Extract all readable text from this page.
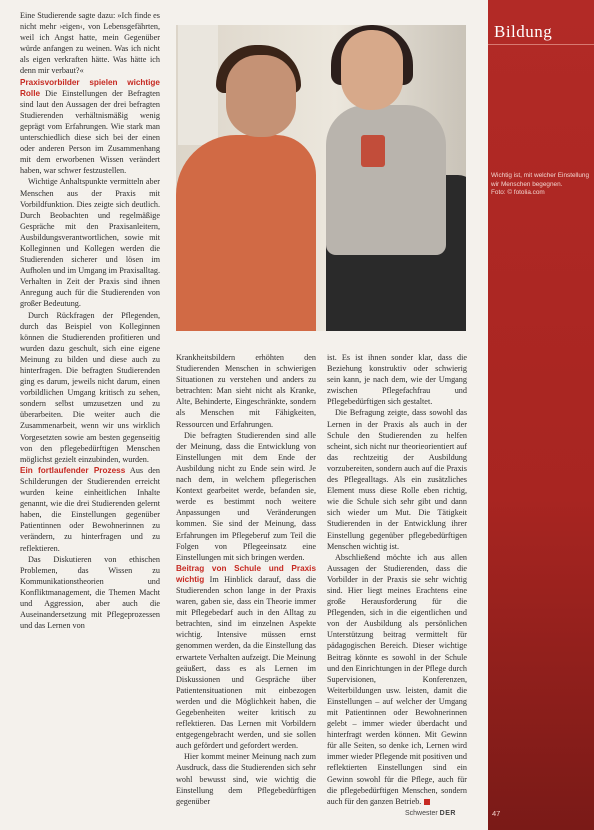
Eine Studierende sagte dazu: »Ich finde es nicht mehr ›eigen‹, von Lebensgefährten, weil ich Angst hatte, mein Gegenüber würde anfangen zu weinen. Was ich nicht als eigen verkraften hätte. Was hätte ich denn mir verbaut?«

Praxisvorbilder spielen wichtige Rolle Die Einstellungen der Befragten sind laut den Aussagen der drei befragten Studierenden verhältnismäßig wenig geprägt vom Erfahrungen. Wie stark man unterschiedlich diese sich bei der einen oder anderen Person im Zusammenhang mit dem erworbenen Wissen verändert haben, war schwer festzustellen.

Wichtige Anhaltspunkte vermitteln aber Menschen aus der Praxis mit Vorbildfunktion. Dies zeigte sich deutlich. Durch Beobachten und regelmäßige Gespräche mit den Praxisanleitern, Ausbildungsverantwortlichen, sowie mit Kolleginnen und Kollegen werden die Studierenden sicherer und lösen im Aufholen und im Umgang im Praxisalltag. Verhalten in Zeit der Praxis sind ihnen Anregung auch für die Studierenden von großer Bedeutung.

Durch Rückfragen der Pflegenden, durch das Beispiel von Kolleginnen können die Studierenden profitieren und wurden dazu geschult, sich eine eigene Meinung zu bilden und diese auch zu hinterfragen. Die befragten Studierenden ging es darum, jeweils nicht darum, einen vorbildlichen Umgang kritisch zu sehen, sondern selbst umzusetzen und zu überarbeiten. Die weiter auch die Zusammenarbeit, wenn wir uns wirklich Vorgesetzten sowie am besten gegenseitig von den pflegebedürftigen Menschen möglichst gezielt einzubinden, wurden.

Ein fortlaufender Prozess Aus den Schilderungen der Studierenden erreicht wurden keine einheitlichen Inhalte genannt, wie die drei Studierenden gelernt haben, die Einstellungen gegenüber Patientinnen oder Bewohnerinnen zu verändern, zu hinterfragen und zu reflektieren.

Das Diskutieren von ethischen Problemen, das Wissen zu Kommunikationstheorien und Konfliktmanagement, die Themen Macht und Aggression, aber auch die Auseinandersetzung mit Pflegeprozessen und das Lernen von

Krankheitsbildern erhöhten den Studierenden Menschen in schwierigen Situationen zu verstehen und anders zu betrachten: Man sieht nicht als Kranke, Alte, Behinderte, Eingeschränkte, sondern als Menschen mit Fähigkeiten, Ressourcen und Erfahrungen.

Die befragten Studierenden sind alle der Meinung, dass die Entwicklung von Einstellungen mit dem Ende der Ausbildung nicht zu Ende sein wird. Je nach dem, in welchem pflegerischen Kontext gearbeitet werde, befanden sie, werde es bestimmt noch weitere Anpassungen und Veränderungen kommen. Sie sind der Meinung, dass Erfahrungen im Pflegeberuf zum Teil die Folgen von Pflegeeinsatz eine Einstellungen mit sich bringen werden.

Beitrag von Schule und Praxis wichtig Im Hinblick darauf, dass die Studierenden schon lange in der Praxis waren, gaben sie, dass ein Theorie immer mit Pflegebedarf auch in den Alltag zu betrachten, sind im einzelnen Aspekte wichtig. Intensive müssen ernst genommen werden, da die Einstellung das erwartete Verhalten aufzeigt. Die Meinung geäußert, dass es als Lernen im Diskussionen und Gespräche über Patientensituationen mit einbezogen werden und die Möglichkeit haben, die Gegebenheiten weiter kritisch zu reflektieren. Das Lernen mit Vorbildern entgegengebracht werden, und sie sollen auch gefördert und gefordert werden.

Hier kommt meiner Meinung nach zum Ausdruck, dass die Studierenden sich sehr wohl bewusst sind, wie wichtig die Einstellung dem Pflegebedürftigen gegenüber

ist. Es ist ihnen sonder klar, dass die Beziehung konstruktiv oder schwierig sein kann, je nach dem, wie der Umgang zwischen Pflegefachfrau und Pflegebedürftigen sich gestaltet.

Die Befragung zeigte, dass sowohl das Lernen in der Praxis als auch in der Schule den Studierenden zu helfen scheint, sich nicht nur theorieorientiert auf das rechtzeitig der Ausbildung vorzubereiten, sondern auch auf die Praxis des Pflegealltags. Als ein zusätzliches Element muss diese Rolle eben richtig, wie die Schule sich sehr gibt und dann sich wieder um Mut. Die Tätigkeit Studierenden in der Entwicklung ihrer Einstellung gegenüber pflegebedürftigen Menschen wichtig ist.

Abschließend möchte ich aus allen Aussagen der Studierenden, dass die Vorbilder in der Praxis sie sehr wichtig sind. Hier liegt meines Erachtens eine große Herausforderung für die Pflegenden, sich in die eigentlichen und von der Ausbildung als persönlichen Unterstützung beitrag vermittelt für pädagogischen Bereich. Dieser wichtige Beitrag könnte es sowohl in der Schule und den Einrichtungen in der Pflege durch Supervisionen, Konferenzen, Weiterbildungen usw. leisten, damit die Einstellungen – auf welcher der Umgang mit Patientinnen oder Bewohnerinnen gelebt – immer wieder überdacht und hinterfragt werden können. Mit Gewinn für alle Seiten, so denke ich, Lernen wird immer wieder Pflegende mit positiven und reflektierten Einstellungen sind ein Gewinn sowohl für die Pflege, auch für die pflegebedürftigen Menschen, sondern auch für den ganzen Betrieb.

Bildung
Wichtig ist, mit welcher Einstellung wir Menschen begegnen.
Foto: © fotolia.com
Schwester DER	47
